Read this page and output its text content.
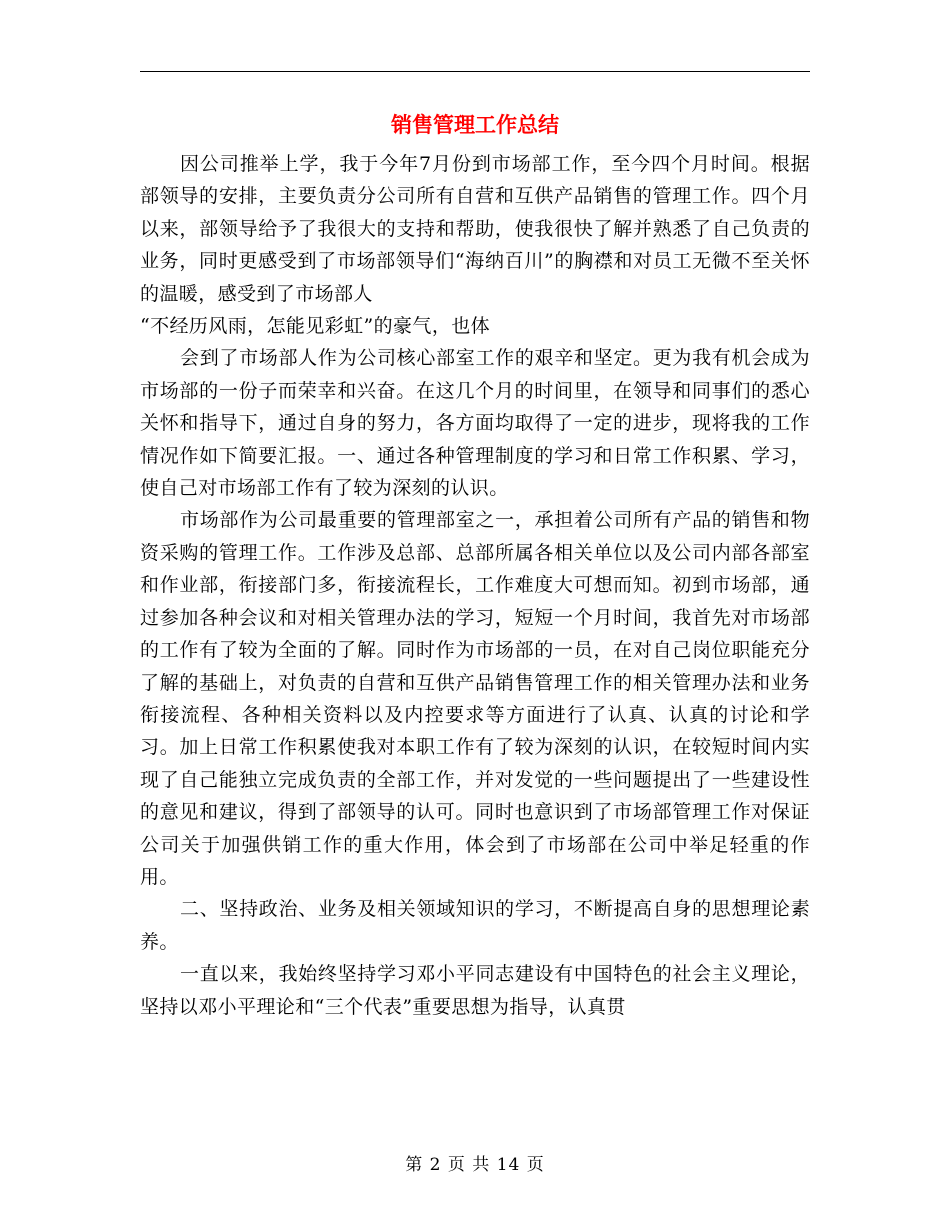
销售管理工作总结

因公司推举上学，我于今年7月份到市场部工作，至今四个月时间。根据部领导的安排，主要负责分公司所有自营和互供产品销售的管理工作。四个月以来，部领导给予了我很大的支持和帮助，使我很快了解并熟悉了自己负责的业务，同时更感受到了市场部领导们“海纳百川”的胸襟和对员工无微不至关怀的温暖，感受到了市场部人

“不经历风雨，怎能见彩虹”的豪气，也体

会到了市场部人作为公司核心部室工作的艰辛和坚定。更为我有机会成为市场部的一份子而荣幸和兴奋。在这几个月的时间里，在领导和同事们的悉心关怀和指导下，通过自身的努力，各方面均取得了一定的进步，现将我的工作情况作如下简要汇报。一、通过各种管理制度的学习和日常工作积累、学习，使自己对市场部工作有了较为深刻的认识。

市场部作为公司最重要的管理部室之一，承担着公司所有产品的销售和物资采购的管理工作。工作涉及总部、总部所属各相关单位以及公司内部各部室和作业部，衔接部门多，衔接流程长，工作难度大可想而知。初到市场部，通过参加各种会议和对相关管理办法的学习，短短一个月时间，我首先对市场部的工作有了较为全面的了解。同时作为市场部的一员，在对自己岗位职能充分了解的基础上，对负责的自营和互供产品销售管理工作的相关管理办法和业务衔接流程、各种相关资料以及内控要求等方面进行了认真、认真的讨论和学习。加上日常工作积累使我对本职工作有了较为深刻的认识，在较短时间内实现了自己能独立完成负责的全部工作，并对发觉的一些问题提出了一些建设性的意见和建议，得到了部领导的认可。同时也意识到了市场部管理工作对保证公司关于加强供销工作的重大作用，体会到了市场部在公司中举足轻重的作用。

二、坚持政治、业务及相关领域知识的学习，不断提高自身的思想理论素养。

一直以来，我始终坚持学习邓小平同志建设有中国特色的社会主义理论，坚持以邓小平理论和“三个代表”重要思想为指导，认真贯

第 2 页 共 14 页
